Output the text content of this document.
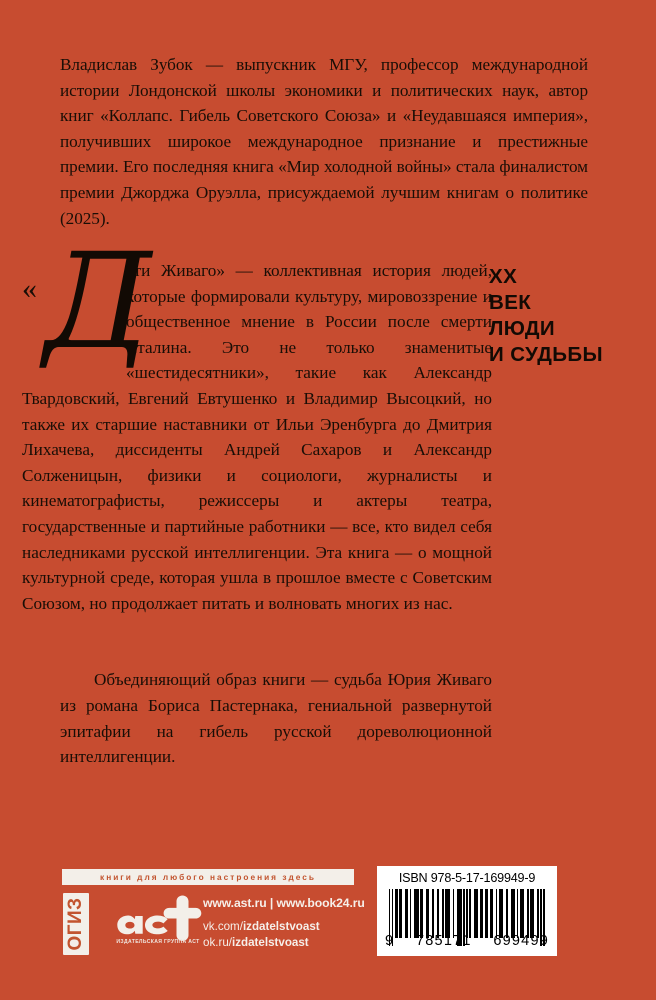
Владислав Зубок — выпускник МГУ, профессор международной истории Лондонской школы экономики и политических наук, автор книг «Коллапс. Гибель Советского Союза» и «Неудавшаяся империя», получивших широкое международное признание и престижные премии. Его последняя книга «Мир холодной войны» стала финалистом премии Джорджа Оруэлла, присуждаемой лучшим книгам о политике (2025).

« Д
ети Живаго» — коллективная история людей, которые формировали культуру, мировоззрение и общественное мнение в России после смерти Сталина. Это не только знаменитые «шестидесятники», такие как Александр Твардовский, Евгений Евтушенко и Владимир Высоцкий, но также их старшие наставники от Ильи Эренбурга до Дмитрия Лихачева, диссиденты Андрей Сахаров и Александр Солженицын, физики и социологи, журналисты и кинематографисты, режиссеры и актеры театра, государственные и партийные работники — все, кто видел себя наследниками русской интеллигенции. Эта книга — о мощной культурной среде, которая ушла в прошлое вместе с Советским Союзом, но продолжает питать и волновать многих из нас.

Объединяющий образ книги — судьба Юрия Живаго из романа Бориса Пастернака, гениальной развернутой эпитафии на гибель русской дореволюционной интеллигенции.

XX
ВЕК
ЛЮДИ
И СУДЬБЫ
книги для любого настроения здесь
ОГИЗ	ИЗДАТЕЛЬСКАЯ ГРУППА АСТ
www.ast.ru | www.book24.ru
vk.com/izdatelstvoast
ok.ru/izdatelstvoast
ISBN 978-5-17-169949-9
9 785171 699499
